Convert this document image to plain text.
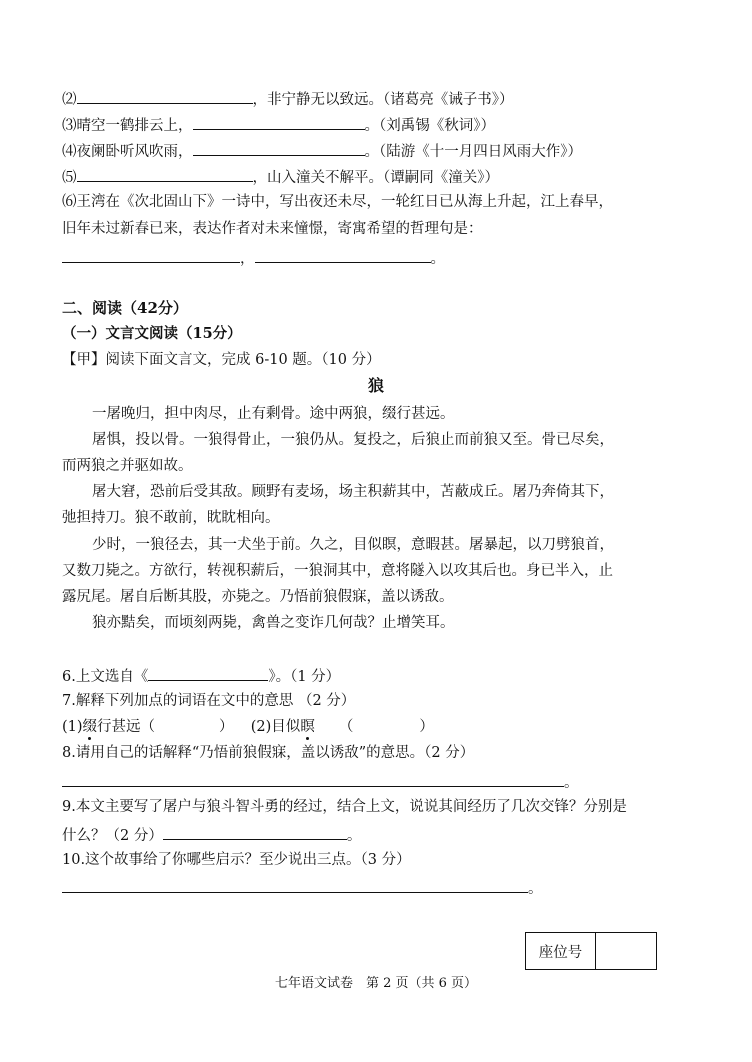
⑵	，非宁静无以致远。（诸葛亮《诫子书》）
⑶晴空一鹤排云上，	。（刘禹锡《秋词》）
⑷夜阑卧听风吹雨，	。（陆游《十一月四日风雨大作》）
⑸	，山入潼关不解平。（谭嗣同《潼关》）
⑹王湾在《次北固山下》一诗中，写出夜还未尽，一轮红日已从海上升起，江上春早，
旧年未过新春已来，表达作者对未来憧憬，寄寓希望的哲理句是：
，	。
二、阅读（42分）
（一）文言文阅读（15分）
【甲】阅读下面文言文，完成 6-10 题。（10 分）
狼
一屠晚归，担中肉尽，止有剩骨。途中两狼，缀行甚远。
屠惧，投以骨。一狼得骨止，一狼仍从。复投之，后狼止而前狼又至。骨已尽矣，
而两狼之并驱如故。
屠大窘，恐前后受其敌。顾野有麦场，场主积薪其中，苫蔽成丘。屠乃奔倚其下，
弛担持刀。狼不敢前，眈眈相向。
少时，一狼径去，其一犬坐于前。久之，目似瞑，意暇甚。屠暴起，以刀劈狼首，
又数刀毙之。方欲行，转视积薪后，一狼洞其中，意将隧入以攻其后也。身已半入，止
露尻尾。屠自后断其股，亦毙之。乃悟前狼假寐，盖以诱敌。
狼亦黠矣，而顷刻两毙，禽兽之变诈几何哉？止增笑耳。
6.上文选自《	》。（1 分）
7.解释下列加点的词语在文中的意思 （2 分）
(1)缀行甚远（	） (2)目似瞑 （	）
8.请用自己的话解释“乃悟前狼假寐，盖以诱敌”的意思。（2 分）
。
9.本文主要写了屠户与狼斗智斗勇的经过，结合上文，说说其间经历了几次交锋？分别是
什么？（2 分）	。
10.这个故事给了你哪些启示？至少说出三点。（3 分）
。
座位号
七年语文试卷　第 2 页（共 6 页）
